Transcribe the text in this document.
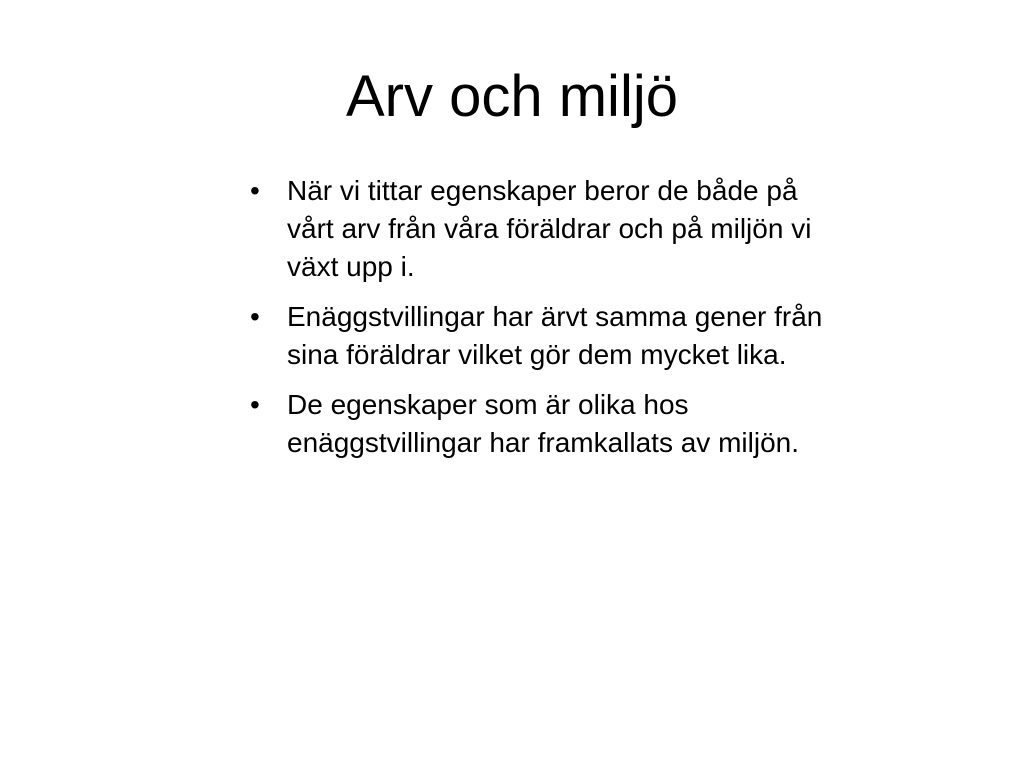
Arv och miljö
• När vi tittar egenskaper beror de både på
vårt arv från våra föräldrar och på miljön vi
växt upp i.
• Enäggstvillingar har ärvt samma gener från
sina föräldrar vilket gör dem mycket lika.
• De egenskaper som är olika hos
enäggstvillingar har framkallats av miljön.
